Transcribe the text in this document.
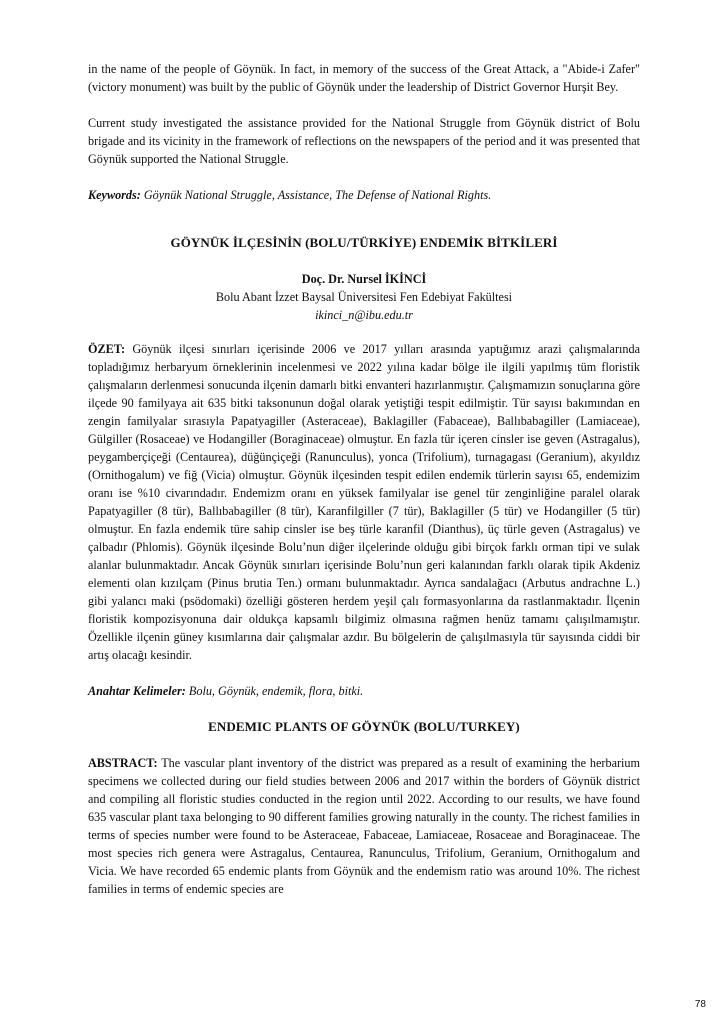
in the name of the people of Göynük. In fact, in memory of the success of the Great Attack, a "Abide-i Zafer" (victory monument) was built by the public of Göynük under the leadership of District Governor Hurşit Bey.

Current study investigated the assistance provided for the National Struggle from Göynük district of Bolu brigade and its vicinity in the framework of reflections on the newspapers of the period and it was presented that Göynük supported the National Struggle.

Keywords: Göynük National Struggle, Assistance, The Defense of National Rights.

GÖYNÜK İLÇESİNİN (BOLU/TÜRKİYE) ENDEMİK BİTKİLERİ
Doç. Dr. Nursel İKİNCİ
Bolu Abant İzzet Baysal Üniversitesi Fen Edebiyat Fakültesi
ikinci_n@ibu.edu.tr

ÖZET: Göynük ilçesi sınırları içerisinde 2006 ve 2017 yılları arasında yaptığımız arazi çalışmalarında topladığımız herbaryum örneklerinin incelenmesi ve 2022 yılına kadar bölge ile ilgili yapılmış tüm floristik çalışmaların derlenmesi sonucunda ilçenin damarlı bitki envanteri hazırlanmıştır. Çalışmamızın sonuçlarına göre ilçede 90 familyaya ait 635 bitki taksonunun doğal olarak yetiştiği tespit edilmiştir. Tür sayısı bakımından en zengin familyalar sırasıyla Papatyagiller (Asteraceae), Baklagiller (Fabaceae), Ballıbabagiller (Lamiaceae), Gülgiller (Rosaceae) ve Hodangiller (Boraginaceae) olmuştur. En fazla tür içeren cinsler ise geven (Astragalus), peygamberçiçeği (Centaurea), düğünçiçeği (Ranunculus), yonca (Trifolium), turnagagası (Geranium), akyıldız (Ornithogalum) ve fiğ (Vicia) olmuştur. Göynük ilçesinden tespit edilen endemik türlerin sayısı 65, endemizim oranı ise %10 civarındadır. Endemizm oranı en yüksek familyalar ise genel tür zenginliğine paralel olarak Papatyagiller (8 tür), Ballıbabagiller (8 tür), Karanfilgiller (7 tür), Baklagiller (5 tür) ve Hodangiller (5 tür) olmuştur. En fazla endemik türe sahip cinsler ise beş türle karanfil (Dianthus), üç türle geven (Astragalus) ve çalbadır (Phlomis). Göynük ilçesinde Bolu’nun diğer ilçelerinde olduğu gibi birçok farklı orman tipi ve sulak alanlar bulunmaktadır. Ancak Göynük sınırları içerisinde Bolu’nun geri kalanından farklı olarak tipik Akdeniz elementi olan kızılçam (Pinus brutia Ten.) ormanı bulunmaktadır. Ayrıca sandalağacı (Arbutus andrachne L.) gibi yalancı maki (psödomaki) özelliği gösteren herdem yeşil çalı formasyonlarına da rastlanmaktadır. İlçenin floristik kompozisyonuna dair oldukça kapsamlı bilgimiz olmasına rağmen henüz tamamı çalışılmamıştır. Özellikle ilçenin güney kısımlarına dair çalışmalar azdır. Bu bölgelerin de çalışılmasıyla tür sayısında ciddi bir artış olacağı kesindir.

Anahtar Kelimeler: Bolu, Göynük, endemik, flora, bitki.

ENDEMIC PLANTS OF GÖYNÜK (BOLU/TURKEY)

ABSTRACT: The vascular plant inventory of the district was prepared as a result of examining the herbarium specimens we collected during our field studies between 2006 and 2017 within the borders of Göynük district and compiling all floristic studies conducted in the region until 2022. According to our results, we have found 635 vascular plant taxa belonging to 90 different families growing naturally in the county. The richest families in terms of species number were found to be Asteraceae, Fabaceae, Lamiaceae, Rosaceae and Boraginaceae. The most species rich genera were Astragalus, Centaurea, Ranunculus, Trifolium, Geranium, Ornithogalum and Vicia. We have recorded 65 endemic plants from Göynük and the endemism ratio was around 10%. The richest families in terms of endemic species are

78
